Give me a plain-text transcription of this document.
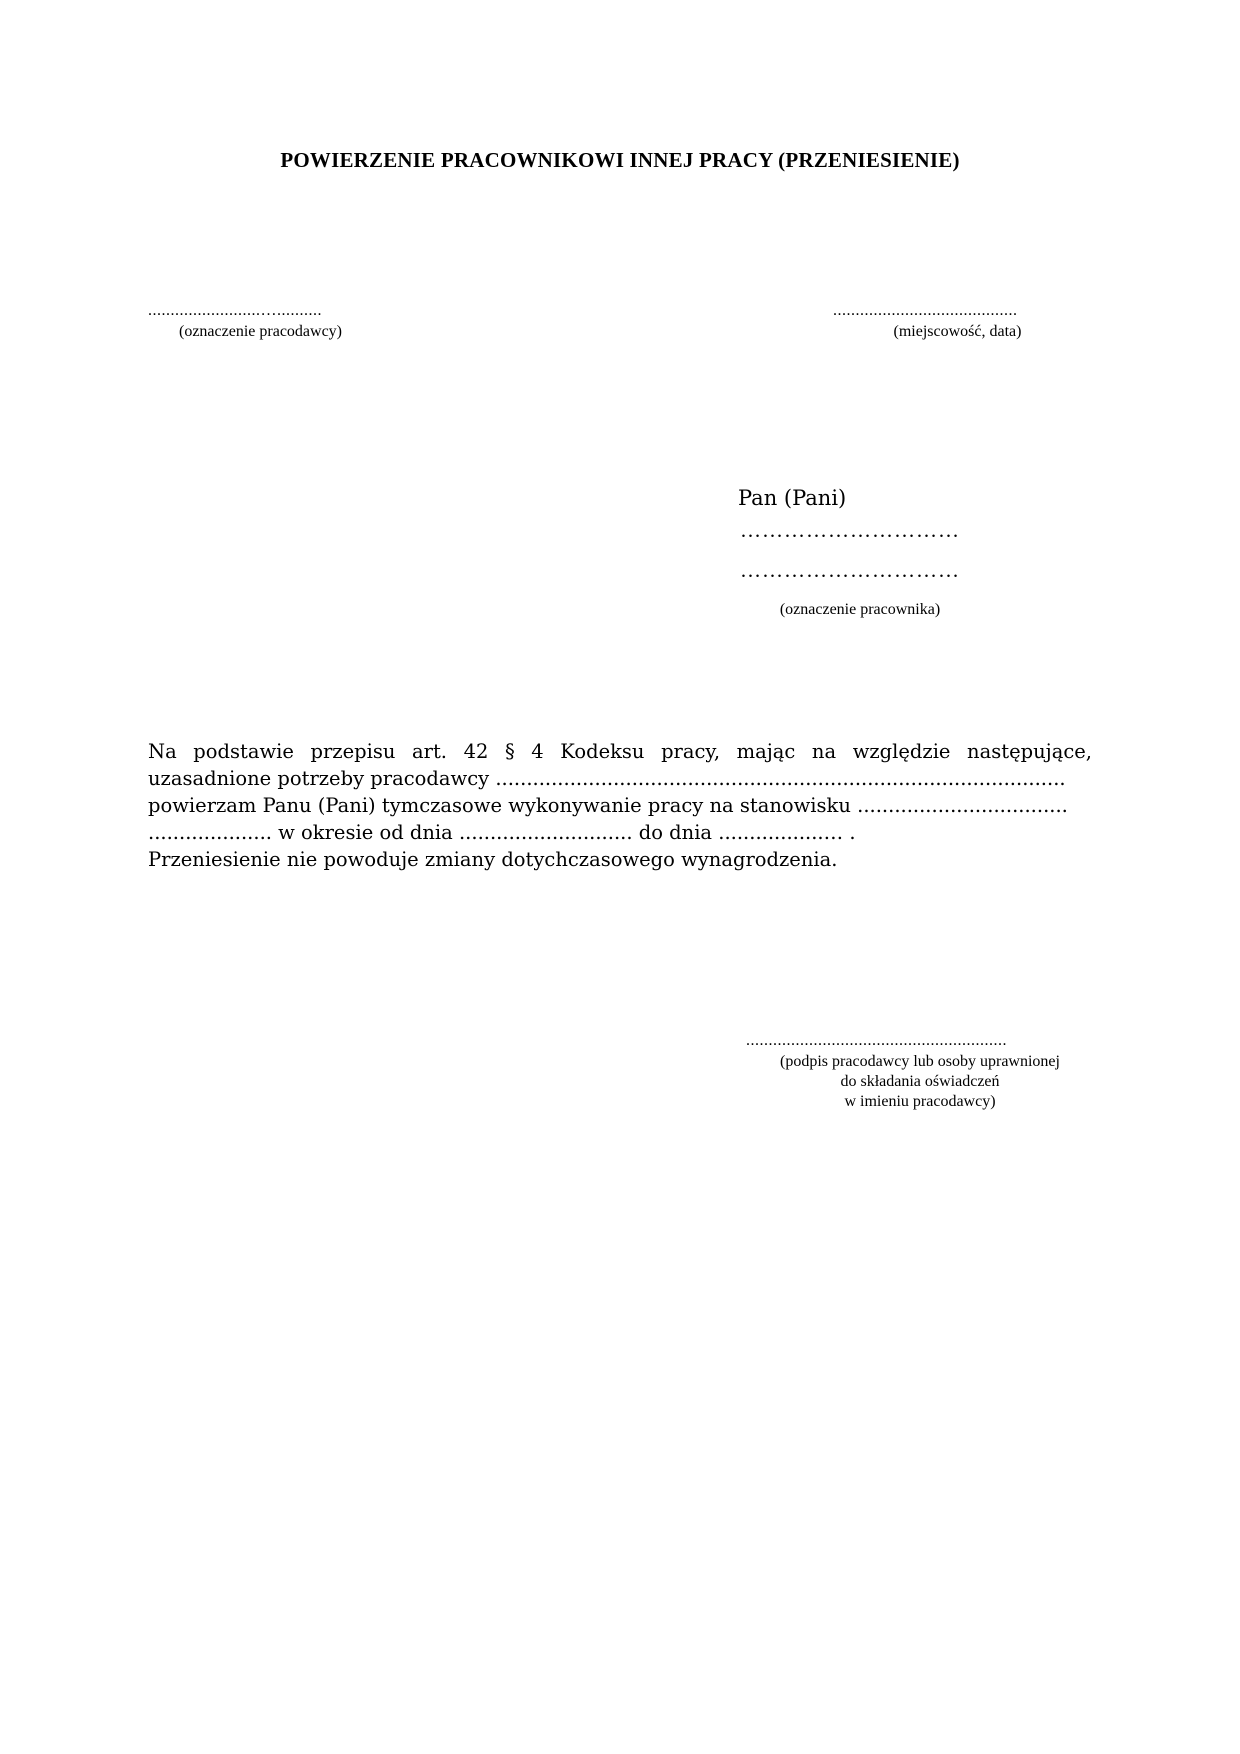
POWIERZENIE PRACOWNIKOWI INNEJ PRACY (PRZENIESIENIE)
.........................…..........
(oznaczenie pracodawcy)
.........................................
(miejscowość, data)
Pan (Pani)
…………………………
…………………………
(oznaczenie pracownika)
Na podstawie przepisu art. 42 § 4 Kodeksu pracy, mając na względzie następujące,
uzasadnione potrzeby pracodawcy ............................................................................................
powierzam Panu (Pani) tymczasowe wykonywanie pracy na stanowisku ..................................
.................... w okresie od dnia ............................ do dnia .................… .
Przeniesienie nie powoduje zmiany dotychczasowego wynagrodzenia.
..........................................................
(podpis pracodawcy lub osoby uprawnionej
do składania oświadczeń
w imieniu pracodawcy)
